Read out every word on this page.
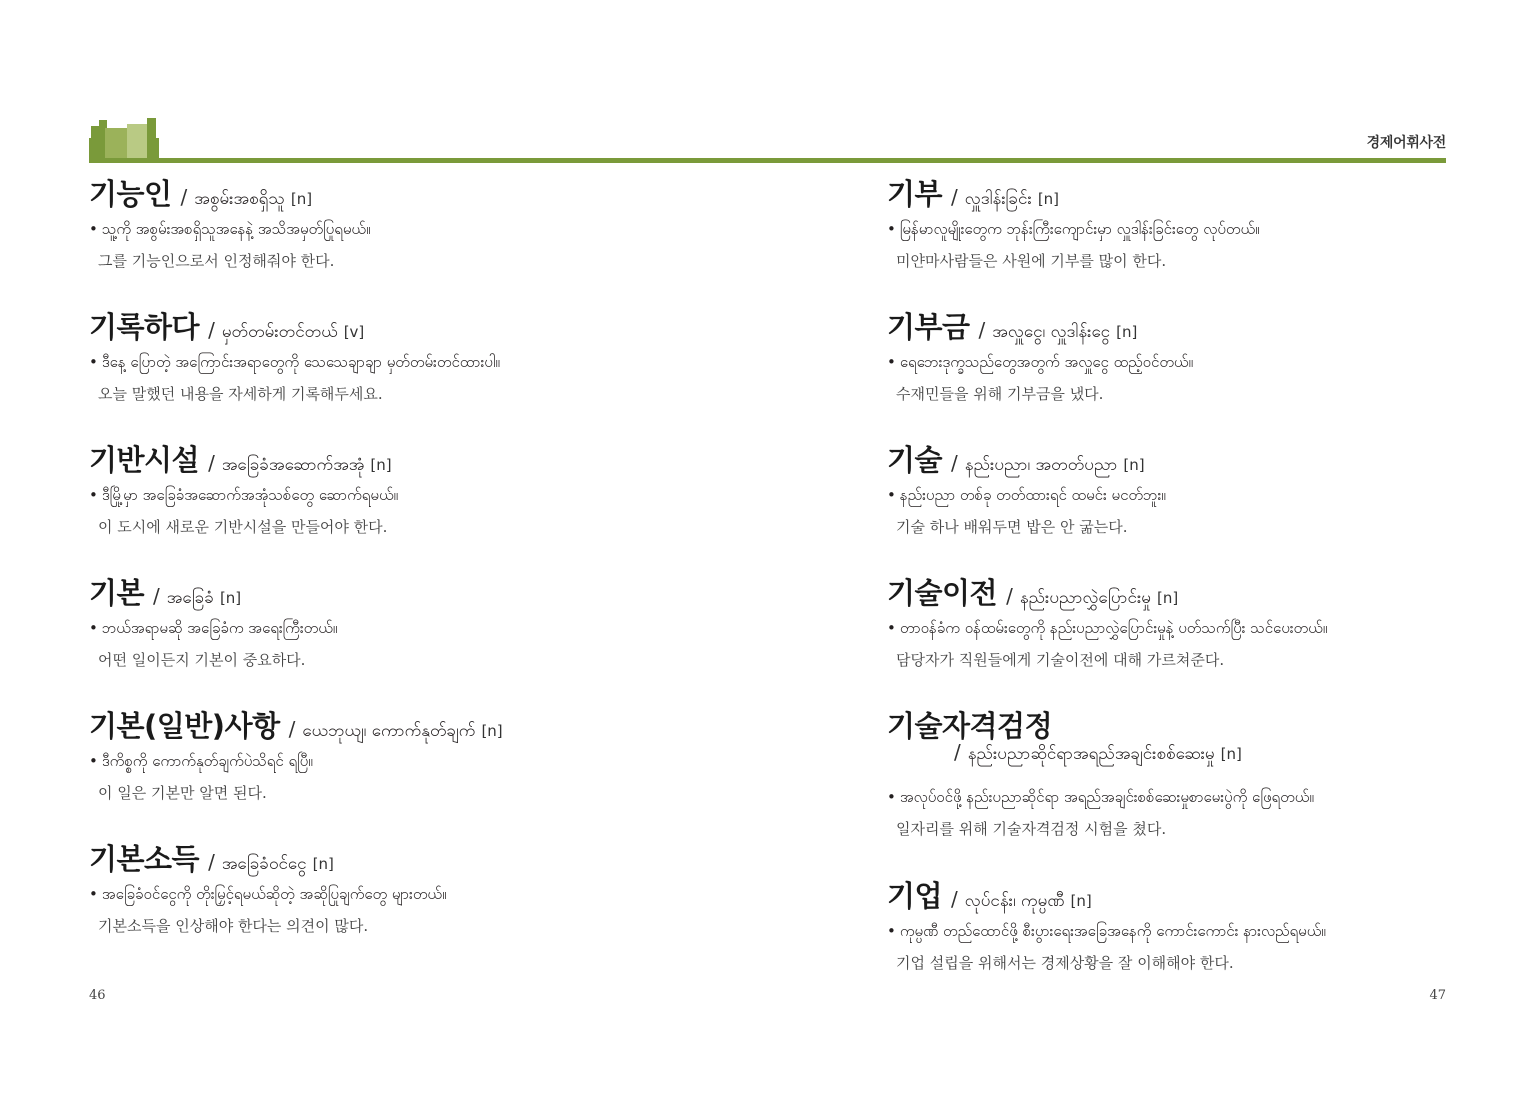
경제어휘사전
기능인 / အစွမ်းအစရှိသူ [n]
• သူ့ကို အစွမ်းအစရှိသူအနေနဲ့ အသိအမှတ်ပြုရမယ်။
그를 기능인으로서 인정해줘야 한다.
기록하다 / မှတ်တမ်းတင်တယ် [v]
• ဒီနေ့ ပြောတဲ့ အကြောင်းအရာတွေကို သေသေချာချာ မှတ်တမ်းတင်ထားပါ။
오늘 말했던 내용을 자세하게 기록해두세요.
기반시설 / အခြေခံအဆောက်အအုံ [n]
• ဒီမြို့မှာ အခြေခံအဆောက်အအုံသစ်တွေ ဆောက်ရမယ်။
이 도시에 새로운 기반시설을 만들어야 한다.
기본 / အခြေခံ [n]
• ဘယ်အရာမဆို အခြေခံက အရေးကြီးတယ်။
어떤 일이든지 기본이 중요하다.
기본(일반)사항 / ယေဘုယျ၊ ကောက်နုတ်ချက် [n]
• ဒီကိစ္စကို ကောက်နုတ်ချက်ပဲသိရင် ရပြီ။
이 일은 기본만 알면 된다.
기본소득 / အခြေခံဝင်ငွေ [n]
• အခြေခံဝင်ငွေကို တိုးမြှင့်ရမယ်ဆိုတဲ့ အဆိုပြုချက်တွေ များတယ်။
기본소득을 인상해야 한다는 의견이 많다.
기부 / လှူဒါန်းခြင်း [n]
• မြန်မာလူမျိုးတွေက ဘုန်းကြီးကျောင်းမှာ လှူဒါန်းခြင်းတွေ လုပ်တယ်။
미얀마사람들은 사원에 기부를 많이 한다.
기부금 / အလှူငွေ၊ လှူဒါန်းငွေ [n]
• ရေဘေးဒုက္ခသည်တွေအတွက် အလှူငွေ ထည့်ဝင်တယ်။
수재민들을 위해 기부금을 냈다.
기술 / နည်းပညာ၊ အတတ်ပညာ [n]
• နည်းပညာ တစ်ခု တတ်ထားရင် ထမင်း မငတ်ဘူး။
기술 하나 배워두면 밥은 안 굶는다.
기술이전 / နည်းပညာလွှဲပြောင်းမှု [n]
• တာဝန်ခံက ဝန်ထမ်းတွေကို နည်းပညာလွှဲပြောင်းမှုနဲ့ ပတ်သက်ပြီး သင်ပေးတယ်။
담당자가 직원들에게 기술이전에 대해 가르쳐준다.
기술자격검정
/ နည်းပညာဆိုင်ရာအရည်အချင်းစစ်ဆေးမှု [n]
• အလုပ်ဝင်ဖို့ နည်းပညာဆိုင်ရာ အရည်အချင်းစစ်ဆေးမှုစာမေးပွဲကို ဖြေရတယ်။
일자리를 위해 기술자격검정 시험을 쳤다.
기업 / လုပ်ငန်း၊ ကုမ္ပဏီ [n]
• ကုမ္ပဏီ တည်ထောင်ဖို့ စီးပွားရေးအခြေအနေကို ကောင်းကောင်း နားလည်ရမယ်။
기업 설립을 위해서는 경제상황을 잘 이해해야 한다.
46	47
